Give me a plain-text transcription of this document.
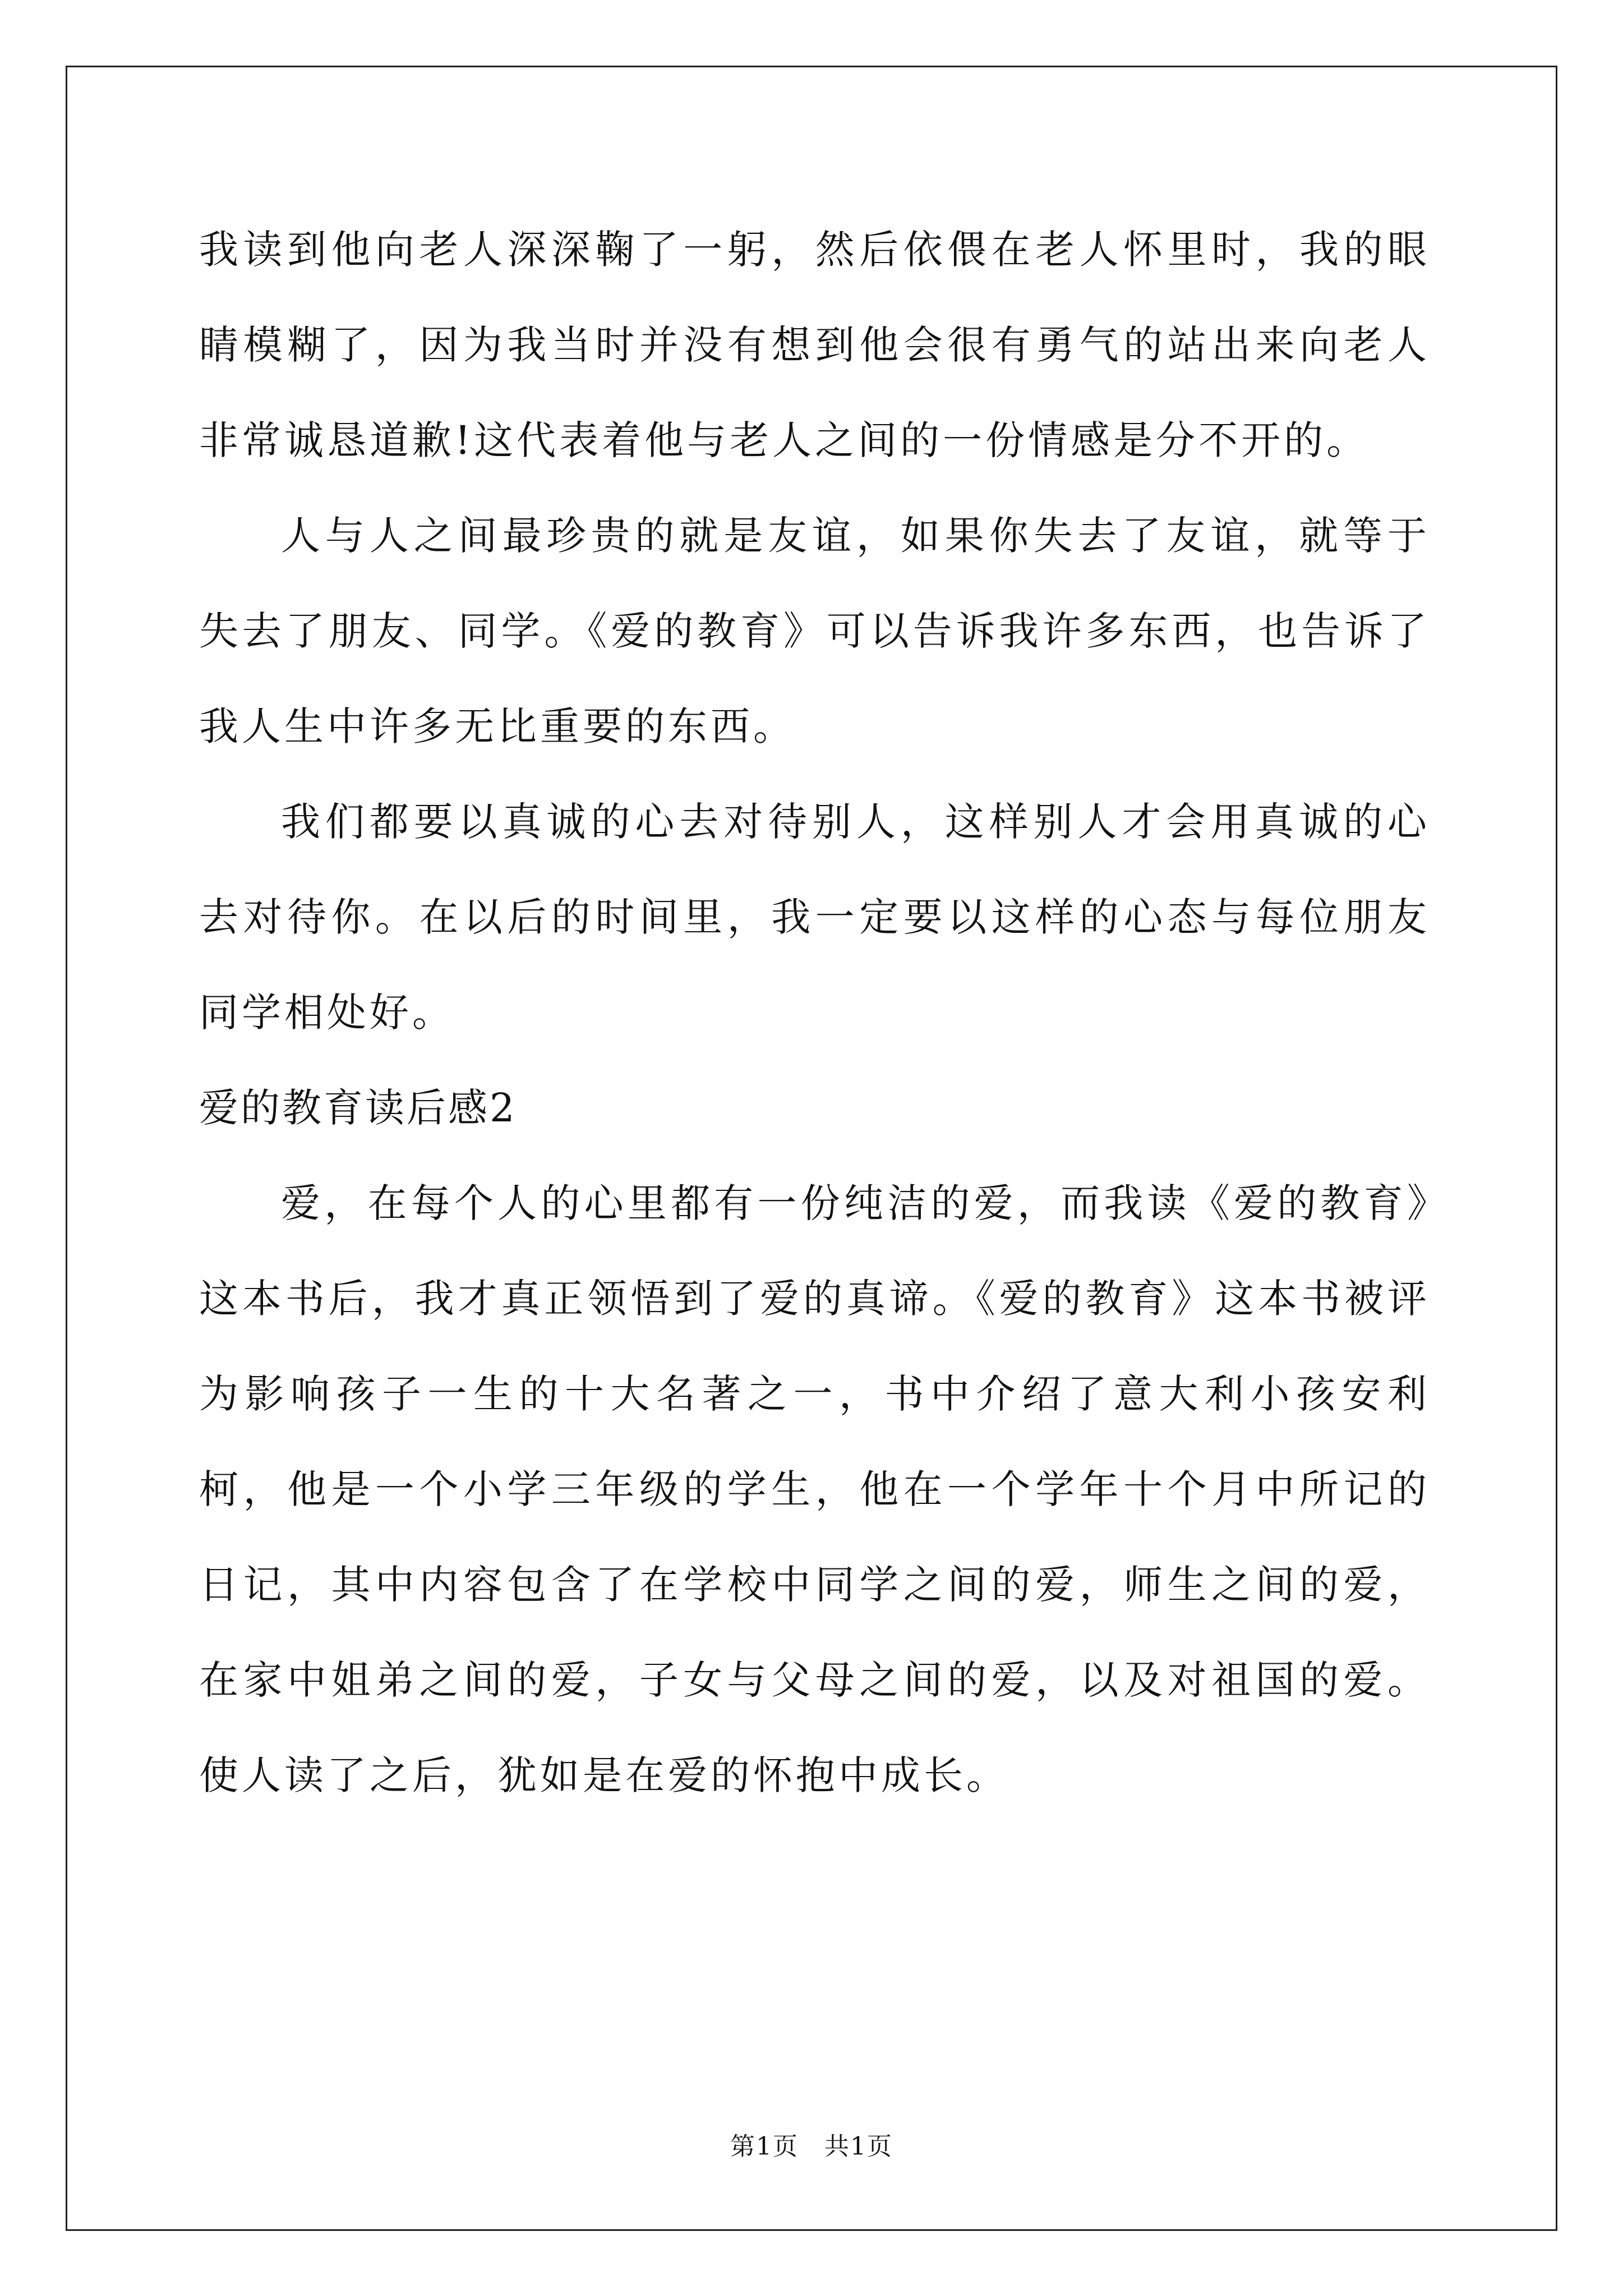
我读到他向老人深深鞠了一躬，然后依偎在老人怀里时，我的眼睛模糊了，因为我当时并没有想到他会很有勇气的站出来向老人非常诚恳道歉!这代表着他与老人之间的一份情感是分不开的。

人与人之间最珍贵的就是友谊，如果你失去了友谊，就等于失去了朋友、同学。《爱的教育》可以告诉我许多东西，也告诉了我人生中许多无比重要的东西。

我们都要以真诚的心去对待别人，这样别人才会用真诚的心去对待你。在以后的时间里，我一定要以这样的心态与每位朋友同学相处好。

爱的教育读后感2

爱，在每个人的心里都有一份纯洁的爱，而我读《爱的教育》这本书后，我才真正领悟到了爱的真谛。《爱的教育》这本书被评为影响孩子一生的十大名著之一，书中介绍了意大利小孩安利柯，他是一个小学三年级的学生，他在一个学年十个月中所记的日记，其中内容包含了在学校中同学之间的爱，师生之间的爱，在家中姐弟之间的爱，子女与父母之间的爱，以及对祖国的爱。使人读了之后，犹如是在爱的怀抱中成长。

第1页　共1页
